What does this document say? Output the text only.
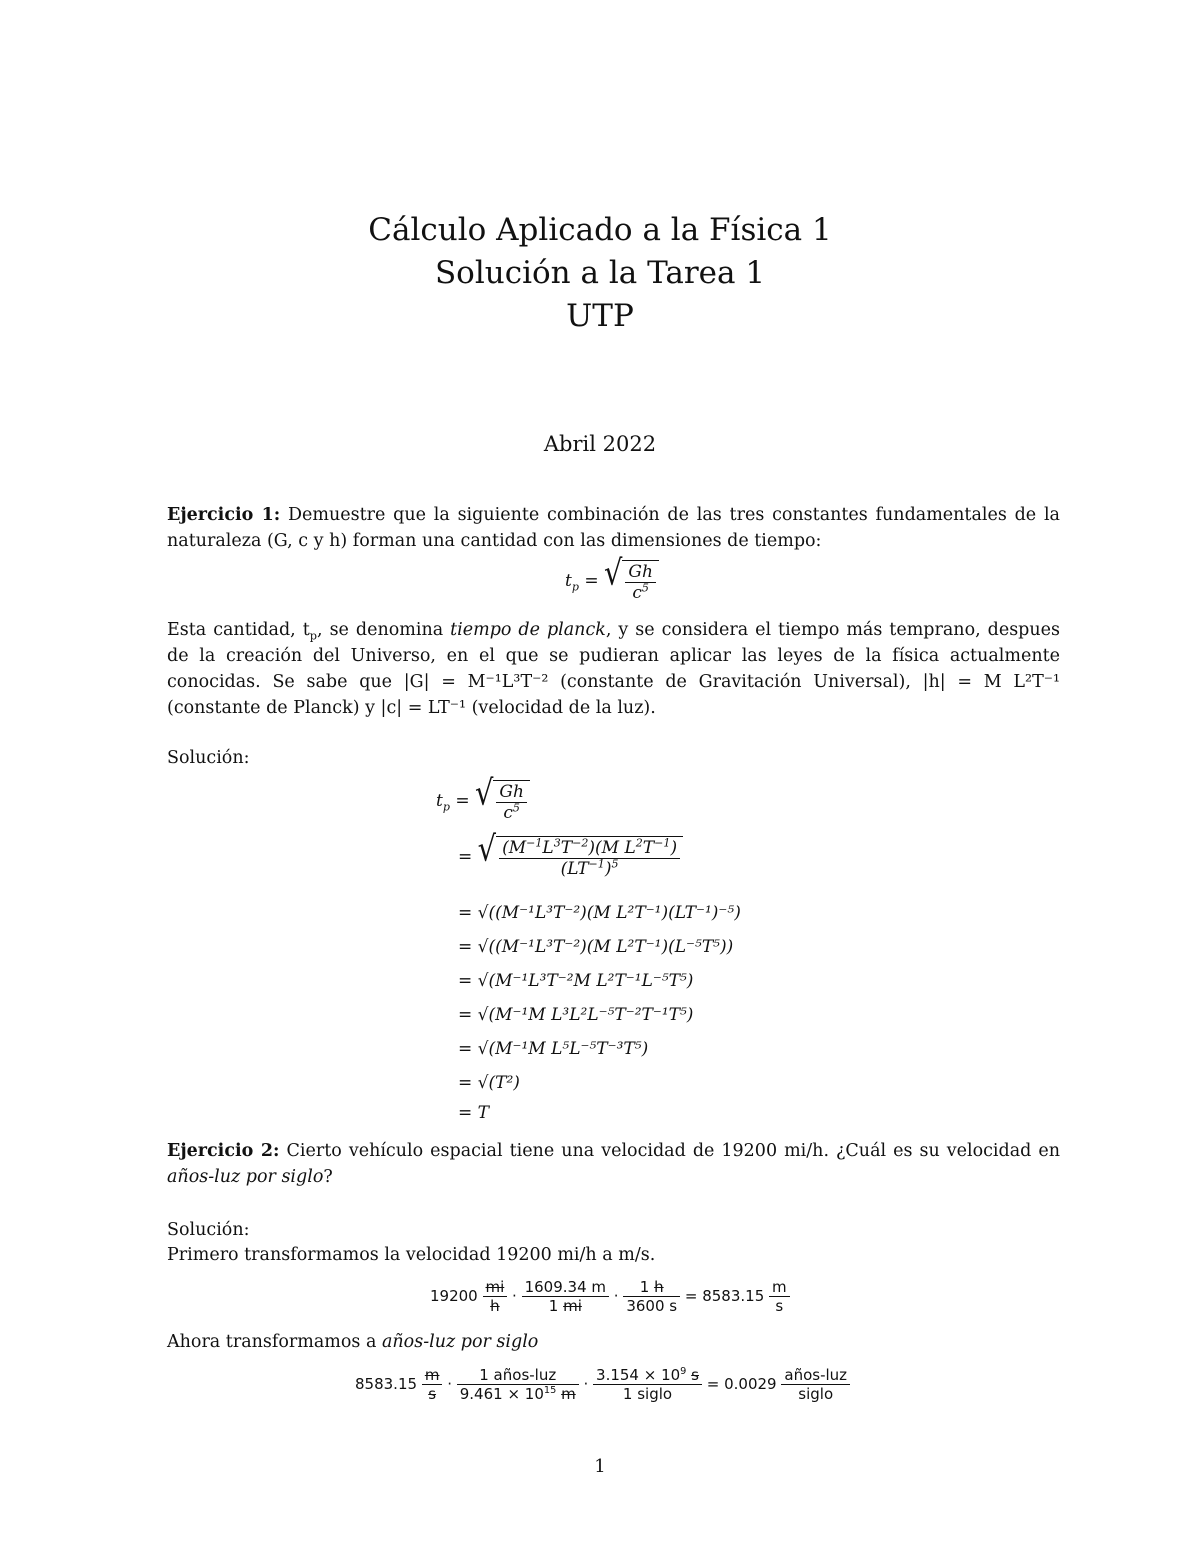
Cálculo Aplicado a la Física 1
Solución a la Tarea 1
UTP
Abril 2022
Ejercicio 1: Demuestre que la siguiente combinación de las tres constantes fundamentales de la naturaleza (G, c y h) forman una cantidad con las dimensiones de tiempo:
$t_p$ = √ $\frac{Gh}{c^5}$
Esta cantidad, $t_p$, se denomina tiempo de planck, y se considera el tiempo más temprano, despues de la creación del Universo, en el que se pudieran aplicar las leyes de la física actualmente conocidas. Se sabe que |G| = M⁻¹L³T⁻² (constante de Gravitación Universal), |h| = M L²T⁻¹ (constante de Planck) y |c| = LT⁻¹ (velocidad de la luz).
Solución:
$t_p$ = √ $\frac{Gh}{c^5}$
= √ $\frac{(M^{-1}L^3T^{-2})(M L^2T^{-1})}{(LT^{-1})^5}$
= √((M⁻¹L³T⁻²)(M L²T⁻¹)(LT⁻¹)⁻⁵)
= √((M⁻¹L³T⁻²)(M L²T⁻¹)(L⁻⁵T⁵))
= √(M⁻¹L³T⁻²M L²T⁻¹L⁻⁵T⁵)
= √(M⁻¹M L³L²L⁻⁵T⁻²T⁻¹T⁵)
= √(M⁻¹M L⁵L⁻⁵T⁻³T⁵)
= √(T²)
= T
Ejercicio 2: Cierto vehículo espacial tiene una velocidad de 19200 mi/h. ¿Cuál es su velocidad en años-luz por siglo?
Solución:
Primero transformamos la velocidad 19200 mi/h a m/s.
$19200 \frac{mi}{h} \cdot \frac{1609.34 m}{1 mi} \cdot \frac{1 h}{3600 s} = 8583.15 \frac{m}{s}$
Ahora transformamos a años-luz por siglo
$8583.15 \frac{m}{s} \cdot \frac{\text{1 años-luz}}{9.461 \times 10^{15} m} \cdot \frac{3.154 \times 10^9 s}{\text{1 siglo}} = 0.0029 \frac{\text{años-luz}}{\text{siglo}}$
1
